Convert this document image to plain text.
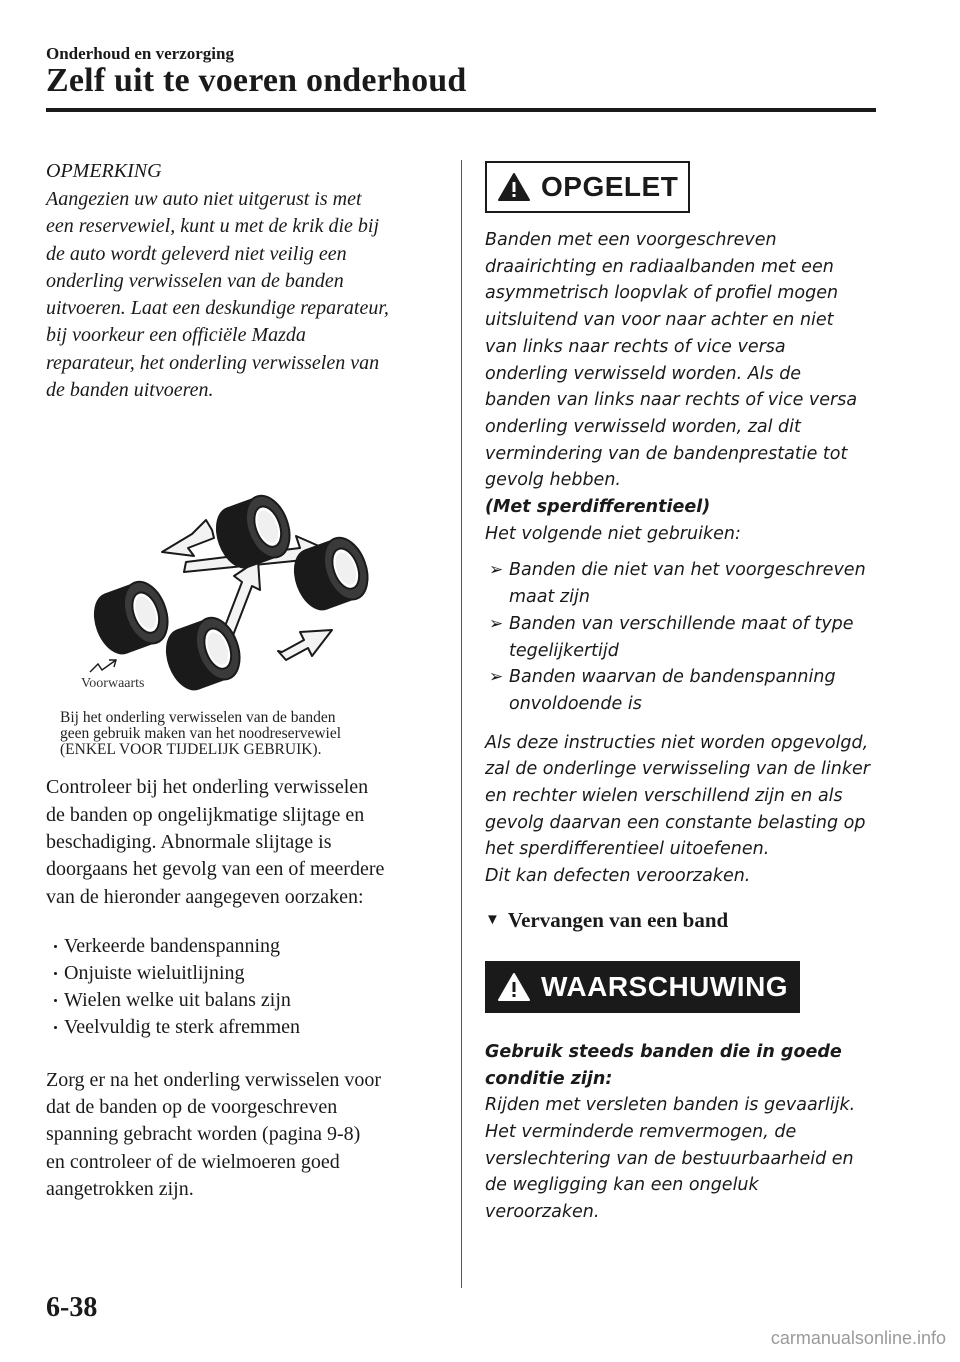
Onderhoud en verzorging
Zelf uit te voeren onderhoud
OPMERKING
Aangezien uw auto niet uitgerust is met
een reservewiel, kunt u met de krik die bij
de auto wordt geleverd niet veilig een
onderling verwisselen van de banden
uitvoeren. Laat een deskundige reparateur,
bij voorkeur een officiële Mazda
reparateur, het onderling verwisselen van
de banden uitvoeren.
Voorwaarts
Bij het onderling verwisselen van de banden
geen gebruik maken van het noodreservewiel
(ENKEL VOOR TIJDELIJK GEBRUIK).
Controleer bij het onderling verwisselen
de banden op ongelijkmatige slijtage en
beschadiging. Abnormale slijtage is
doorgaans het gevolg van een of meerdere
van de hieronder aangegeven oorzaken:
Verkeerde bandenspanning
Onjuiste wieluitlijning
Wielen welke uit balans zijn
Veelvuldig te sterk afremmen
Zorg er na het onderling verwisselen voor
dat de banden op de voorgeschreven
spanning gebracht worden (pagina 9-8)
en controleer of de wielmoeren goed
aangetrokken zijn.
OPGELET
Banden met een voorgeschreven
draairichting en radiaalbanden met een
asymmetrisch loopvlak of profiel mogen
uitsluitend van voor naar achter en niet
van links naar rechts of vice versa
onderling verwisseld worden. Als de
banden van links naar rechts of vice versa
onderling verwisseld worden, zal dit
vermindering van de bandenprestatie tot
gevolg hebben.
(Met sperdifferentieel)
Het volgende niet gebruiken:
➢ Banden die niet van het voorgeschreven
maat zijn
➢ Banden van verschillende maat of type
tegelijkertijd
➢ Banden waarvan de bandenspanning
onvoldoende is
Als deze instructies niet worden opgevolgd,
zal de onderlinge verwisseling van de linker
en rechter wielen verschillend zijn en als
gevolg daarvan een constante belasting op
het sperdifferentieel uitoefenen.
Dit kan defecten veroorzaken.
▼ Vervangen van een band
WAARSCHUWING
Gebruik steeds banden die in goede
conditie zijn:
Rijden met versleten banden is gevaarlijk.
Het verminderde remvermogen, de
verslechtering van de bestuurbaarheid en
de wegligging kan een ongeluk
veroorzaken.
6-38
carmanualsonline.info
